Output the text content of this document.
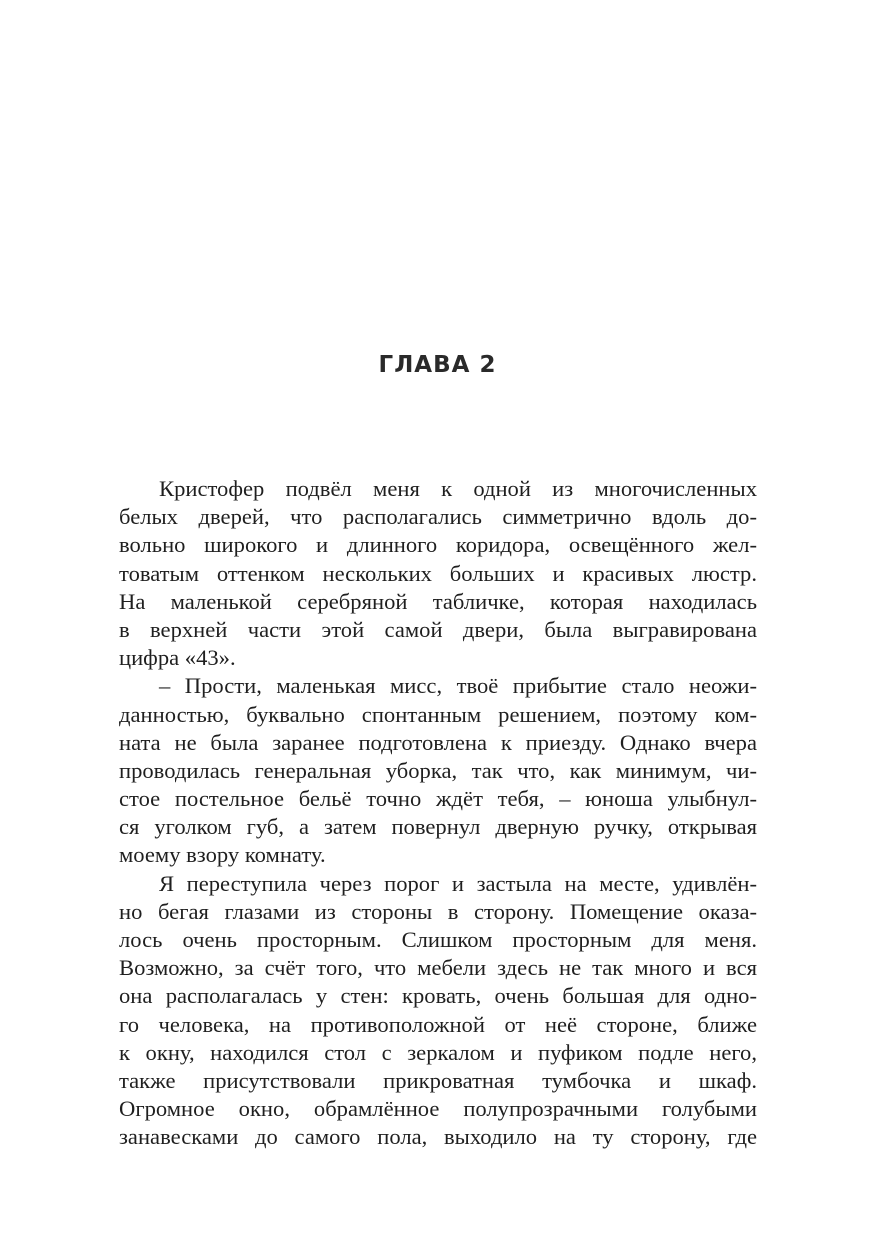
ГЛАВА 2
Кристофер подвёл меня к одной из многочисленных
белых дверей, что располагались симметрично вдоль до-
вольно широкого и длинного коридора, освещённого жел-
товатым оттенком нескольких больших и красивых люстр.
На маленькой серебряной табличке, которая находилась
в верхней части этой самой двери, была выгравирована
цифра «43».
– Прости, маленькая мисс, твоё прибытие стало неожи-
данностью, буквально спонтанным решением, поэтому ком-
ната не была заранее подготовлена к приезду. Однако вчера
проводилась генеральная уборка, так что, как минимум, чи-
стое постельное бельё точно ждёт тебя, – юноша улыбнул-
ся уголком губ, а затем повернул дверную ручку, открывая
моему взору комнату.
Я переступила через порог и застыла на месте, удивлён-
но бегая глазами из стороны в сторону. Помещение оказа-
лось очень просторным. Слишком просторным для меня.
Возможно, за счёт того, что мебели здесь не так много и вся
она располагалась у стен: кровать, очень большая для одно-
го человека, на противоположной от неё стороне, ближе
к окну, находился стол с зеркалом и пуфиком подле него,
также присутствовали прикроватная тумбочка и шкаф.
Огромное окно, обрамлённое полупрозрачными голубыми
занавесками до самого пола, выходило на ту сторону, где
